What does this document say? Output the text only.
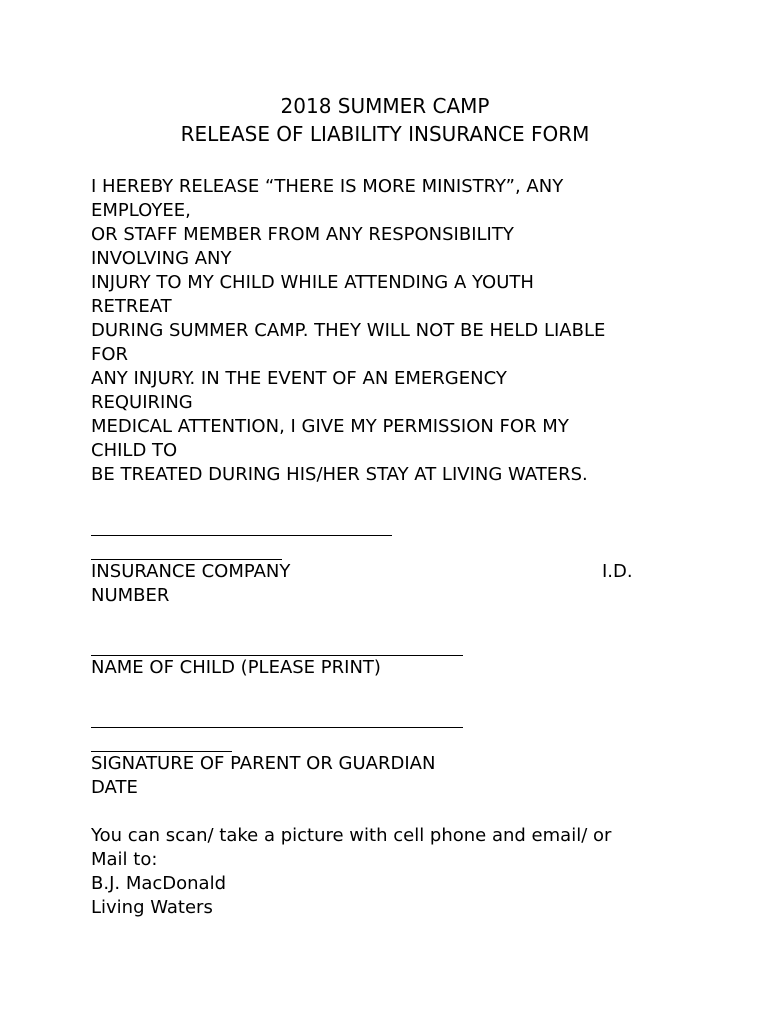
2018 SUMMER CAMP
RELEASE OF LIABILITY INSURANCE FORM
I HEREBY RELEASE “THERE IS MORE MINISTRY”, ANY
EMPLOYEE,
OR STAFF MEMBER FROM ANY RESPONSIBILITY
INVOLVING ANY
INJURY TO MY CHILD WHILE ATTENDING A YOUTH
RETREAT
DURING SUMMER CAMP. THEY WILL NOT BE HELD LIABLE
FOR
ANY INJURY. IN THE EVENT OF AN EMERGENCY
REQUIRING
MEDICAL ATTENTION, I GIVE MY PERMISSION FOR MY
CHILD TO
BE TREATED DURING HIS/HER STAY AT LIVING WATERS.
INSURANCE COMPANY	I.D.
NUMBER
NAME OF CHILD (PLEASE PRINT)
SIGNATURE OF PARENT OR GUARDIAN
DATE
You can scan/ take a picture with cell phone and email/ or
Mail to:
B.J. MacDonald
Living Waters
